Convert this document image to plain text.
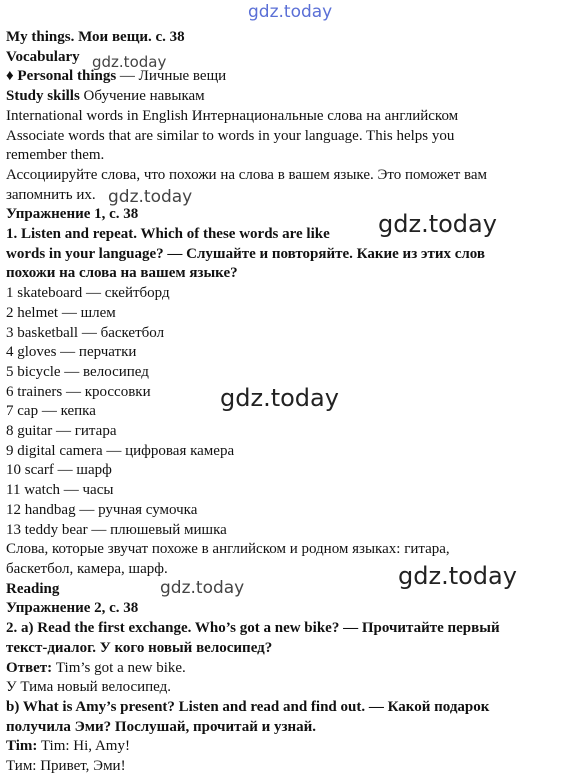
gdz.today
gdz.today
gdz.today
gdz.today
gdz.today
gdz.today
gdz.today
My things. Мои вещи. с. 38
Vocabulary
♦ Personal things — Личные вещи
Study skills Обучение навыкам
International words in English Интернациональные слова на английском
Associate words that are similar to words in your language. This helps you
remember them.
Ассоциируйте слова, что похожи на слова в вашем языке. Это поможет вам
запомнить их.
Упражнение 1, с. 38
1. Listen and repeat. Which of these words are like
words in your language? — Слушайте и повторяйте. Какие из этих слов
похожи на слова на вашем языке?
1 skateboard — скейтборд
2 helmet — шлем
3 basketball — баскетбол
4 gloves — перчатки
5 bicycle — велосипед
6 trainers — кроссовки
7 cap — кепка
8 guitar — гитара
9 digital camera — цифровая камера
10 scarf — шарф
11 watch — часы
12 handbag — ручная сумочка
13 teddy bear — плюшевый мишка
Слова, которые звучат похоже в английском и родном языках: гитара,
баскетбол, камера, шарф.
Reading
Упражнение 2, с. 38
2. a) Read the first exchange. Who’s got a new bike? — Прочитайте первый
текст-диалог. У кого новый велосипед?
Ответ: Tim’s got a new bike.
У Тима новый велосипед.
b) What is Amy’s present? Listen and read and find out. — Какой подарок
получила Эми? Послушай, прочитай и узнай.
Tim: Tim: Hi, Amy!
Тим: Привет, Эми!
